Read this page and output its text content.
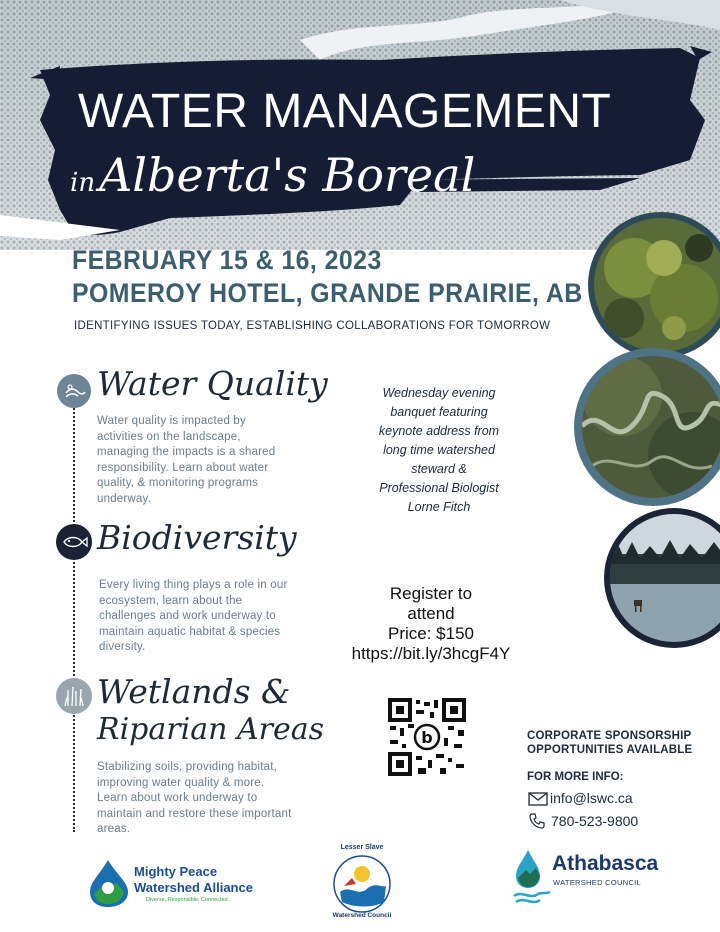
WATER MANAGEMENT
inAlberta's Boreal
FEBRUARY 15 & 16, 2023
POMEROY HOTEL, GRANDE PRAIRIE, AB
IDENTIFYING ISSUES TODAY, ESTABLISHING COLLABORATIONS FOR TOMORROW
Water Quality
Water quality is impacted by activities on the landscape, managing the impacts is a shared responsibility. Learn about water quality, & monitoring programs underway.
Biodiversity
Every living thing plays a role in our ecosystem, learn about the challenges and work underway to maintain aquatic habitat & species diversity.
Wetlands &
Riparian Areas
Stabilizing soils, providing habitat, improving water quality & more. Learn about work underway to maintain and restore these important areas.
Wednesday evening banquet featuring keynote address from long time watershed steward & Professional Biologist Lorne Fitch
Register to
attend
Price: $150
https://bit.ly/3hcgF4Y
b	CORPORATE SPONSORSHIP
OPPORTUNITIES AVAILABLE
FOR MORE INFO:
info@lswc.ca
780-523-9800
Mighty Peace
Watershed Alliance
Diverse, Responsible, Connected
Lesser Slave
Watershed Council
Athabasca
WATERSHED COUNCIL
